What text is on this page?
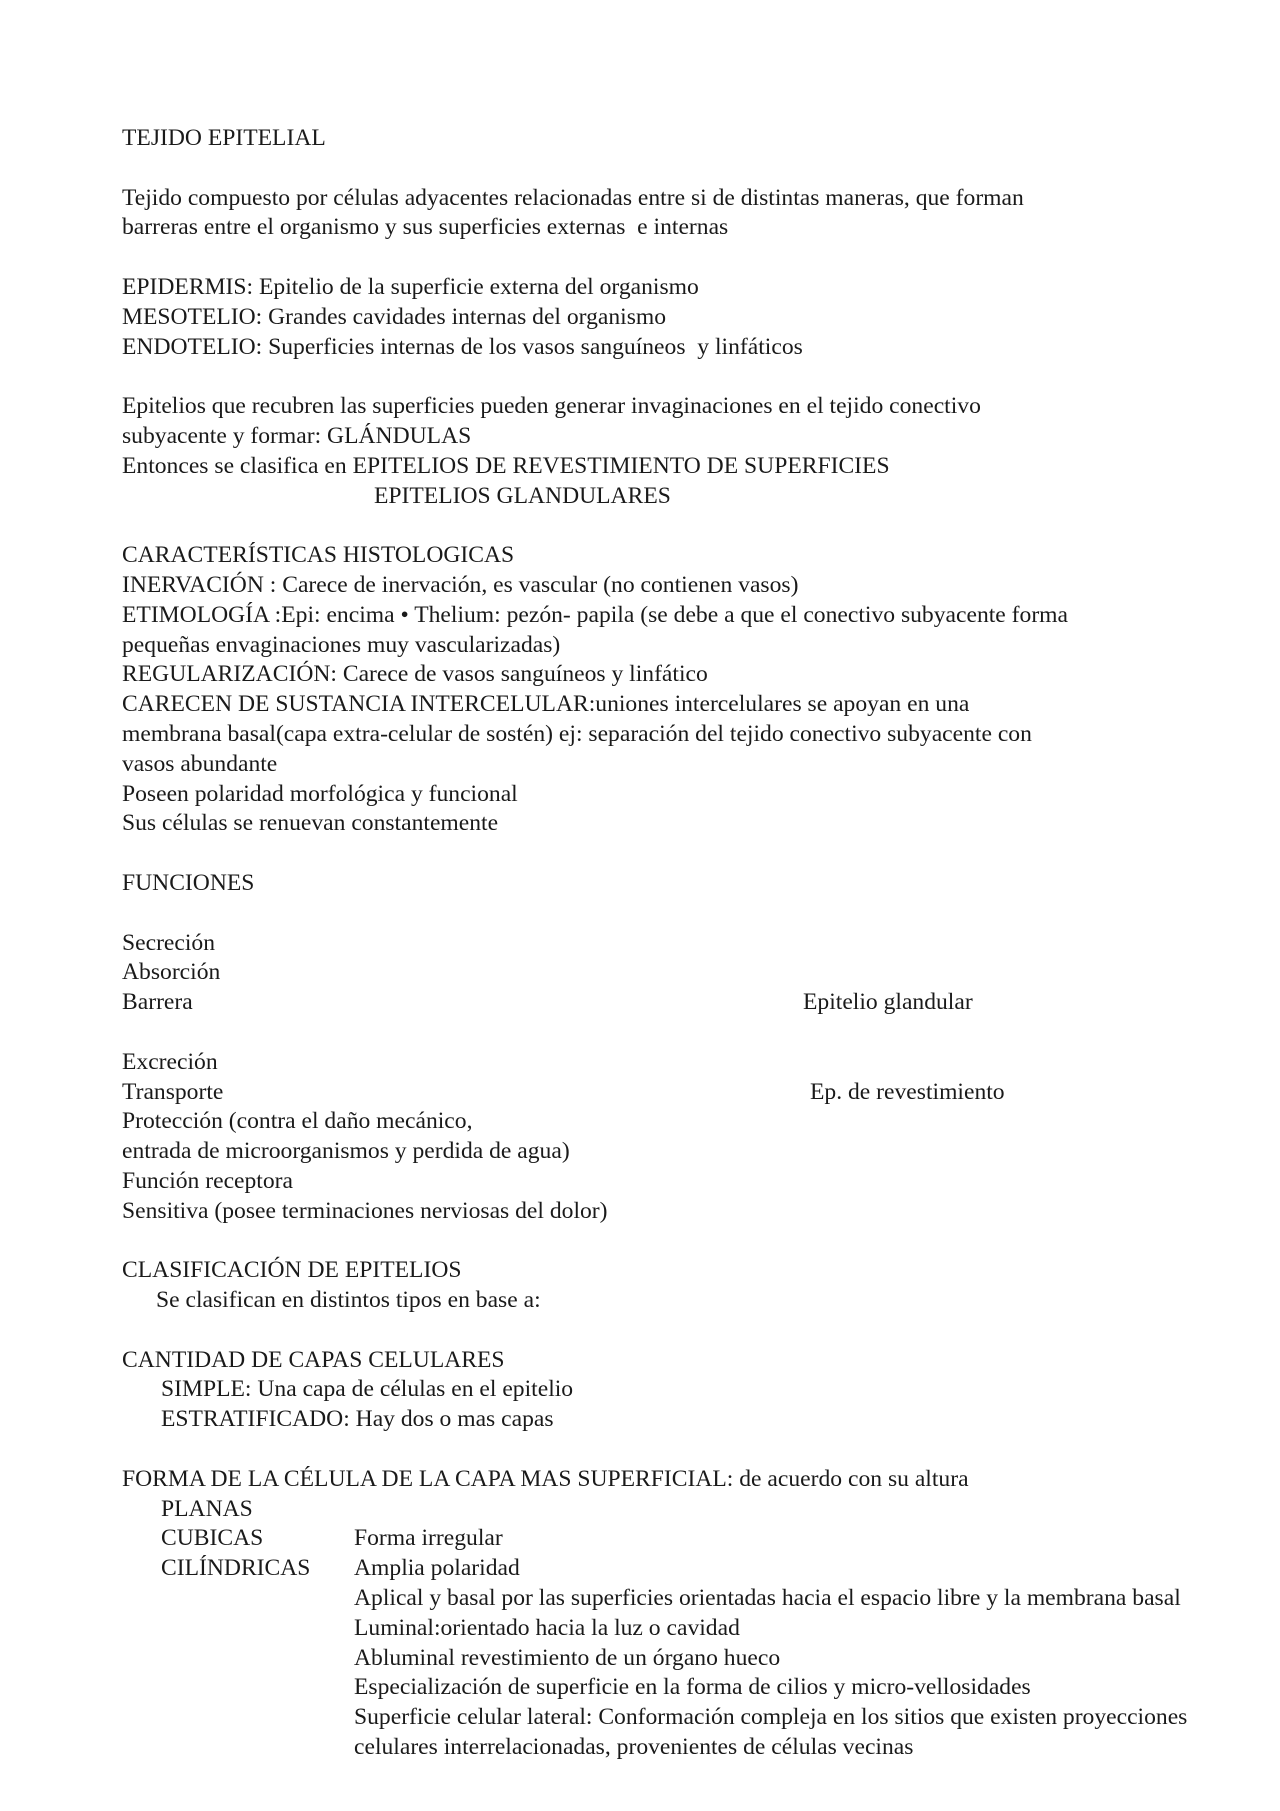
TEJIDO EPITELIAL
Tejido compuesto por células adyacentes relacionadas entre si de distintas maneras, que forman
barreras entre el organismo y sus superficies externas  e internas
EPIDERMIS: Epitelio de la superficie externa del organismo
MESOTELIO: Grandes cavidades internas del organismo
ENDOTELIO: Superficies internas de los vasos sanguíneos  y linfáticos
Epitelios que recubren las superficies pueden generar invaginaciones en el tejido conectivo
subyacente y formar: GLÁNDULAS
Entonces se clasifica en EPITELIOS DE REVESTIMIENTO DE SUPERFICIES
EPITELIOS GLANDULARES
CARACTERÍSTICAS HISTOLOGICAS
INERVACIÓN : Carece de inervación, es vascular (no contienen vasos)
ETIMOLOGÍA :Epi: encima • Thelium: pezón- papila (se debe a que el conectivo subyacente forma
pequeñas envaginaciones muy vascularizadas)
REGULARIZACIÓN: Carece de vasos sanguíneos y linfático
CARECEN DE SUSTANCIA INTERCELULAR:uniones intercelulares se apoyan en una
membrana basal(capa extra-celular de sostén) ej: separación del tejido conectivo subyacente con
vasos abundante
Poseen polaridad morfológica y funcional
Sus células se renuevan constantemente
FUNCIONES
Secreción
Absorción
Barrera	Epitelio glandular
Excreción
Transporte	Ep. de revestimiento
Protección (contra el daño mecánico,
entrada de microorganismos y perdida de agua)
Función receptora
Sensitiva (posee terminaciones nerviosas del dolor)
CLASIFICACIÓN DE EPITELIOS
Se clasifican en distintos tipos en base a:
CANTIDAD DE CAPAS CELULARES
SIMPLE: Una capa de células en el epitelio
ESTRATIFICADO: Hay dos o mas capas
FORMA DE LA CÉLULA DE LA CAPA MAS SUPERFICIAL: de acuerdo con su altura
PLANAS
CUBICAS	Forma irregular
CILÍNDRICAS	Amplia polaridad
Aplical y basal por las superficies orientadas hacia el espacio libre y la membrana basal
Luminal:orientado hacia la luz o cavidad
Abluminal revestimiento de un órgano hueco
Especialización de superficie en la forma de cilios y micro-vellosidades
Superficie celular lateral: Conformación compleja en los sitios que existen proyecciones
celulares interrelacionadas, provenientes de células vecinas
